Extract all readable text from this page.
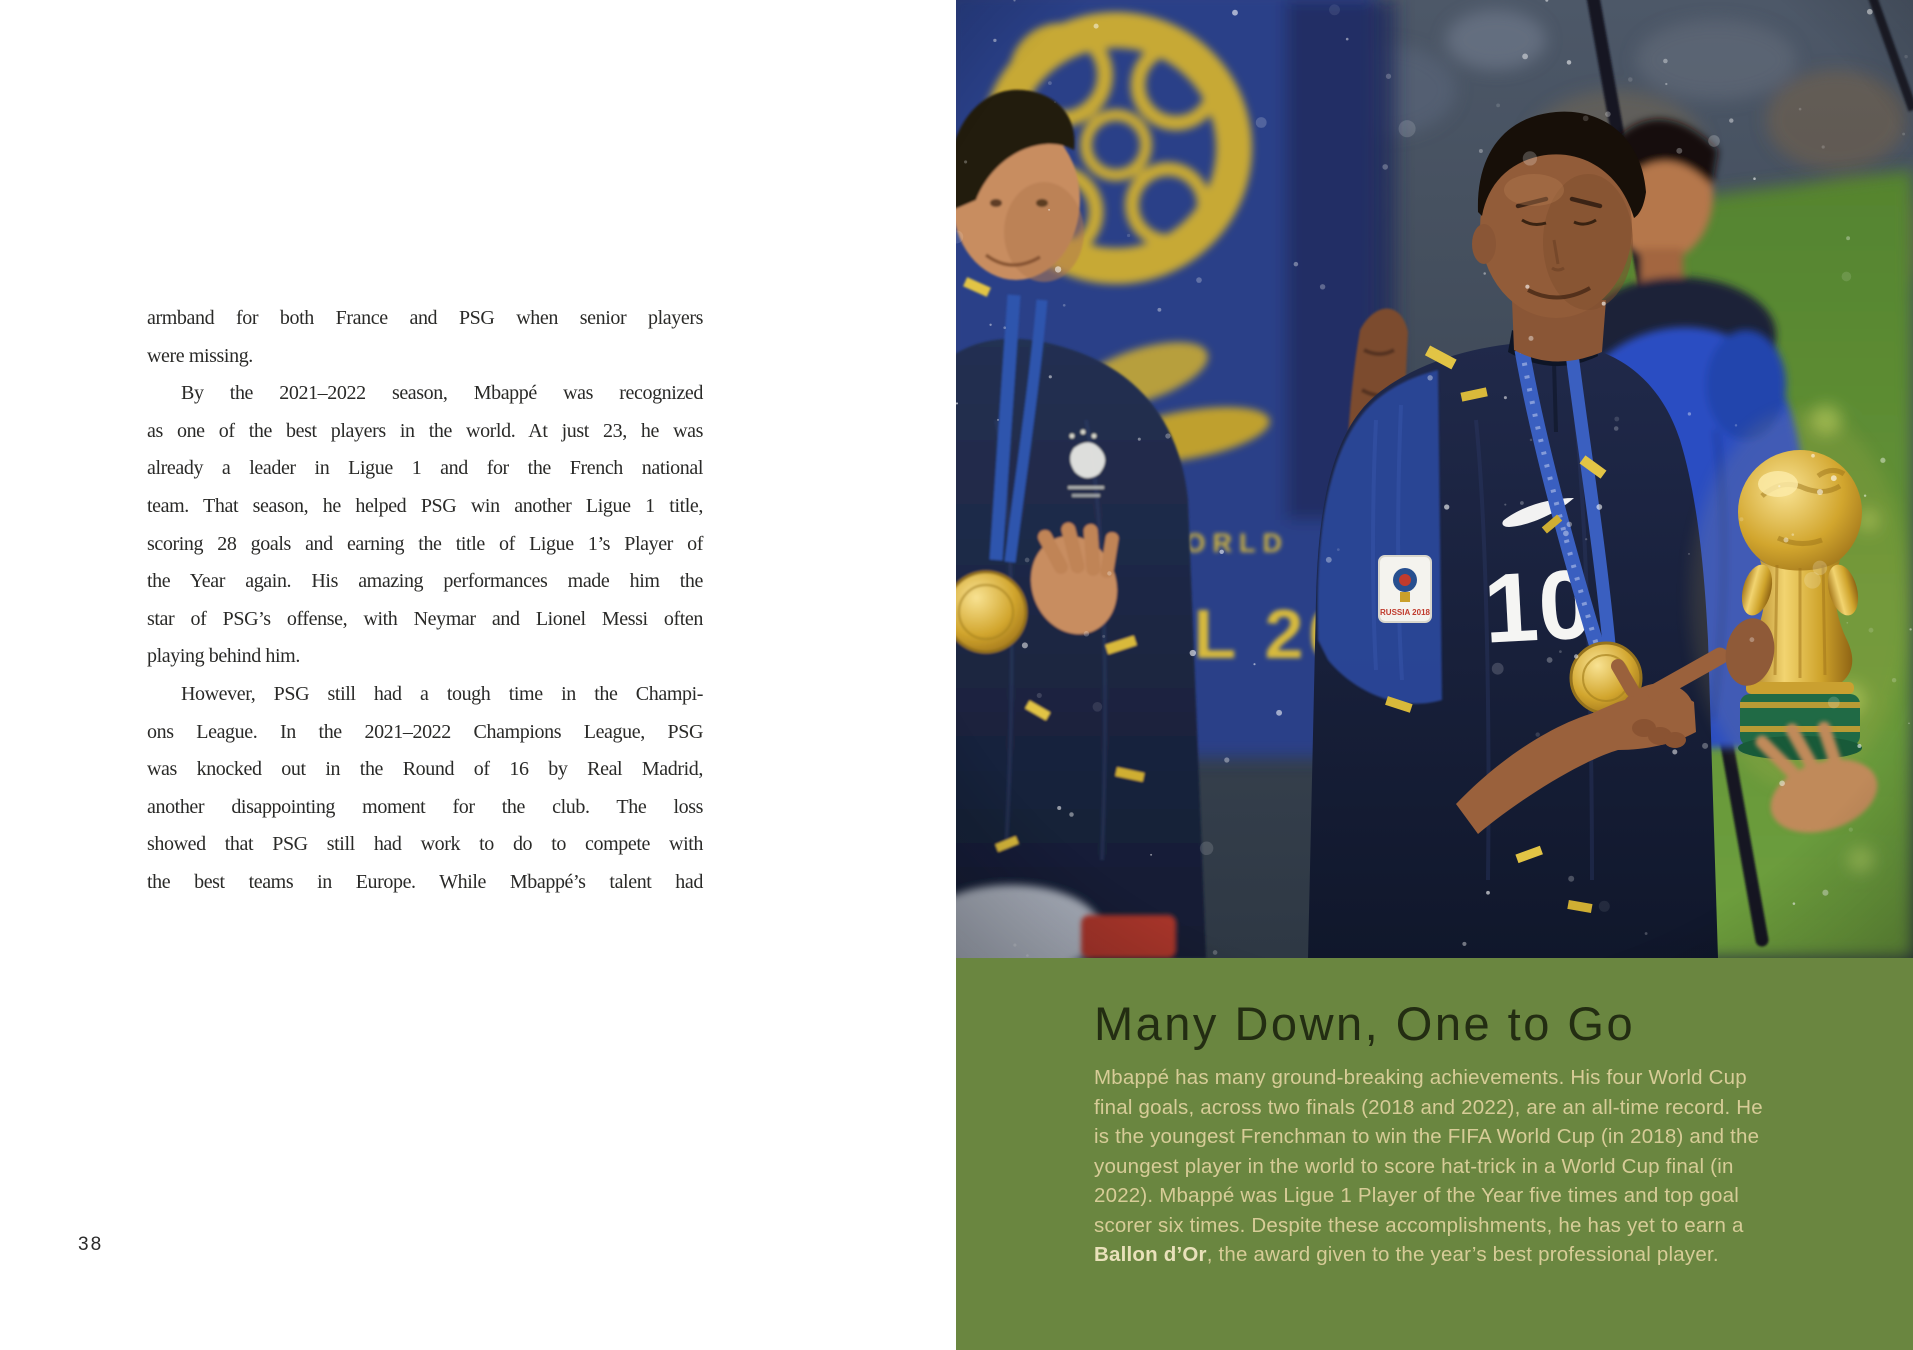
armband for both France and PSG when senior players
were missing.
By the 2021–2022 season, Mbappé was recognized
as one of the best players in the world. At just 23, he was
already a leader in Ligue 1 and for the French national
team. That season, he helped PSG win another Ligue 1 title,
scoring 28 goals and earning the title of Ligue 1’s Player of
the Year again. His amazing performances made him the
star of PSG’s offense, with Neymar and Lionel Messi often
playing behind him.
However, PSG still had a tough time in the Champi-
ons League. In the 2021–2022 Champions League, PSG
was knocked out in the Round of 16 by Real Madrid,
another disappointing moment for the club. The loss
showed that PSG still had work to do to compete with
the best teams in Europe. While Mbappé’s talent had
38
Many Down, One to Go
Mbappé has many ground-breaking achievements. His four World Cup
final goals, across two finals (2018 and 2022), are an all-time record. He
is the youngest Frenchman to win the FIFA World Cup (in 2018) and the
youngest player in the world to score hat-trick in a World Cup final (in
2022). Mbappé was Ligue 1 Player of the Year five times and top goal
scorer six times. Despite these accomplishments, he has yet to earn a
Ballon d’Or, the award given to the year’s best professional player.
